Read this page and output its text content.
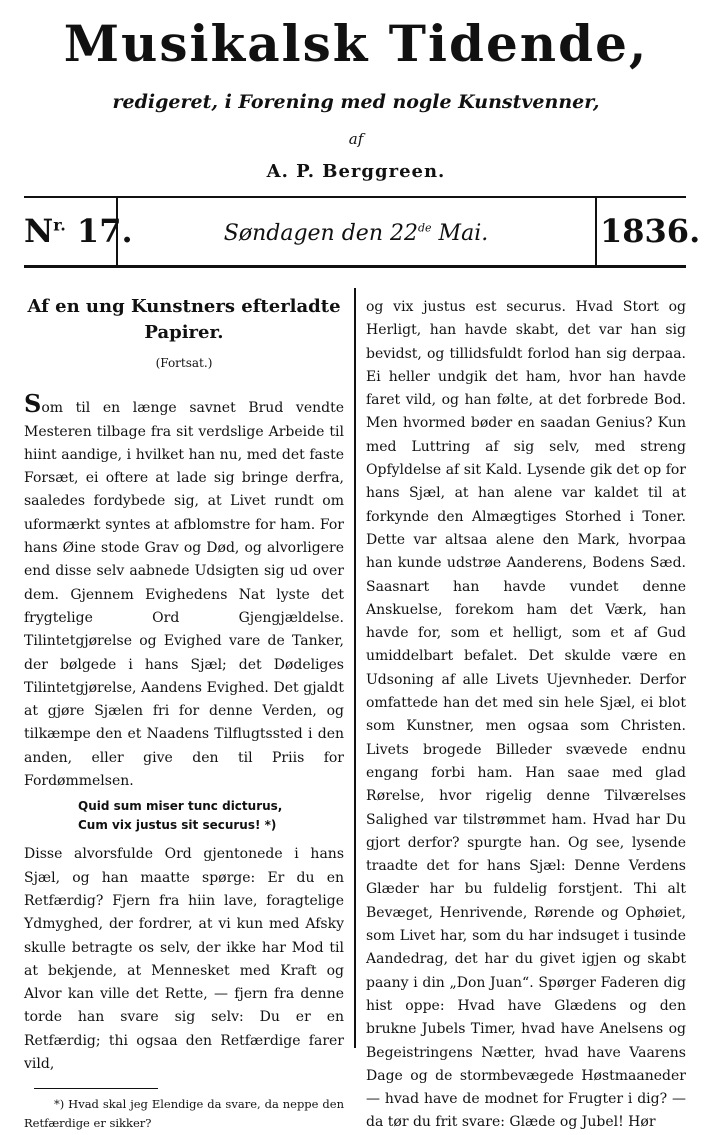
Musikalsk Tidende,
redigeret, i Forening med nogle Kunstvenner,
af
A. P. Berggreen.
$N^{r.}$ 17.	Søndagen den 22de Mai.	1836.
Af en ung Kunstners efterladte Papirer.
(Fortsat.)
Som til en længe savnet Brud vendte Mesteren tilbage fra sit verdslige Arbeide til hiint aandige, i hvilket han nu, med det faste Forsæt, ei oftere at lade sig bringe derfra, saaledes fordybede sig, at Livet rundt om uformærkt syntes at afblomstre for ham. For hans Øine stode Grav og Død, og alvorligere end disse selv aabnede Udsigten sig ud over dem. Gjennem Evighedens Nat lyste det frygtelige Ord Gjengjældelse. Tilintetgjørelse og Evighed vare de Tanker, der bølgede i hans Sjæl; det Dødeliges Tilintetgjørelse, Aandens Evighed. Det gjaldt at gjøre Sjælen fri for denne Verden, og tilkæmpe den et Naadens Tilflugtssted i den anden, eller give den til Priis for Fordømmelsen.
Quid sum miser tunc dicturus,
Cum vix justus sit securus! *)
Disse alvorsfulde Ord gjentonede i hans Sjæl, og han maatte spørge: Er du en Retfærdig? Fjern fra hiin lave, foragtelige Ydmyghed, der fordrer, at vi kun med Afsky skulle betragte os selv, der ikke har Mod til at bekjende, at Mennesket med Kraft og Alvor kan ville det Rette, — fjern fra denne torde han svare sig selv: Du er en Retfærdig; thi ogsaa den Retfærdige farer vild,
*) Hvad skal jeg Elendige da svare, da neppe den Retfærdige er sikker?
og vix justus est securus. Hvad Stort og Herligt, han havde skabt, det var han sig bevidst, og tillidsfuldt forlod han sig derpaa. Ei heller undgik det ham, hvor han havde faret vild, og han følte, at det forbrede Bod. Men hvormed bøder en saadan Genius? Kun med Luttring af sig selv, med streng Opfyldelse af sit Kald. Lysende gik det op for hans Sjæl, at han alene var kaldet til at forkynde den Almægtiges Storhed i Toner. Dette var altsaa alene den Mark, hvorpaa han kunde udstrøe Aanderens, Bodens Sæd. Saasnart han havde vundet denne Anskuelse, forekom ham det Værk, han havde for, som et helligt, som et af Gud umiddelbart befalet. Det skulde være en Udsoning af alle Livets Ujevnheder. Derfor omfattede han det med sin hele Sjæl, ei blot som Kunstner, men ogsaa som Christen. Livets brogede Billeder svævede endnu engang forbi ham. Han saae med glad Rørelse, hvor rigelig denne Tilværelses Salighed var tilstrømmet ham. Hvad har Du gjort derfor? spurgte han. Og see, lysende traadte det for hans Sjæl: Denne Verdens Glæder har bu fuldelig forstjent. Thi alt Bevæget, Henrivende, Rørende og Ophøiet, som Livet har, som du har indsuget i tusinde Aandedrag, det har du givet igjen og skabt paany i din „Don Juan“. Spørger Faderen dig hist oppe: Hvad have Glædens og den brukne Jubels Timer, hvad have Anelsens og Begeistringens Nætter, hvad have Vaarens Dage og de stormbevægede Høstmaaneder — hvad have de modnet for Frugter i dig? — da tør du frit svare: Glæde og Jubel! Hør
